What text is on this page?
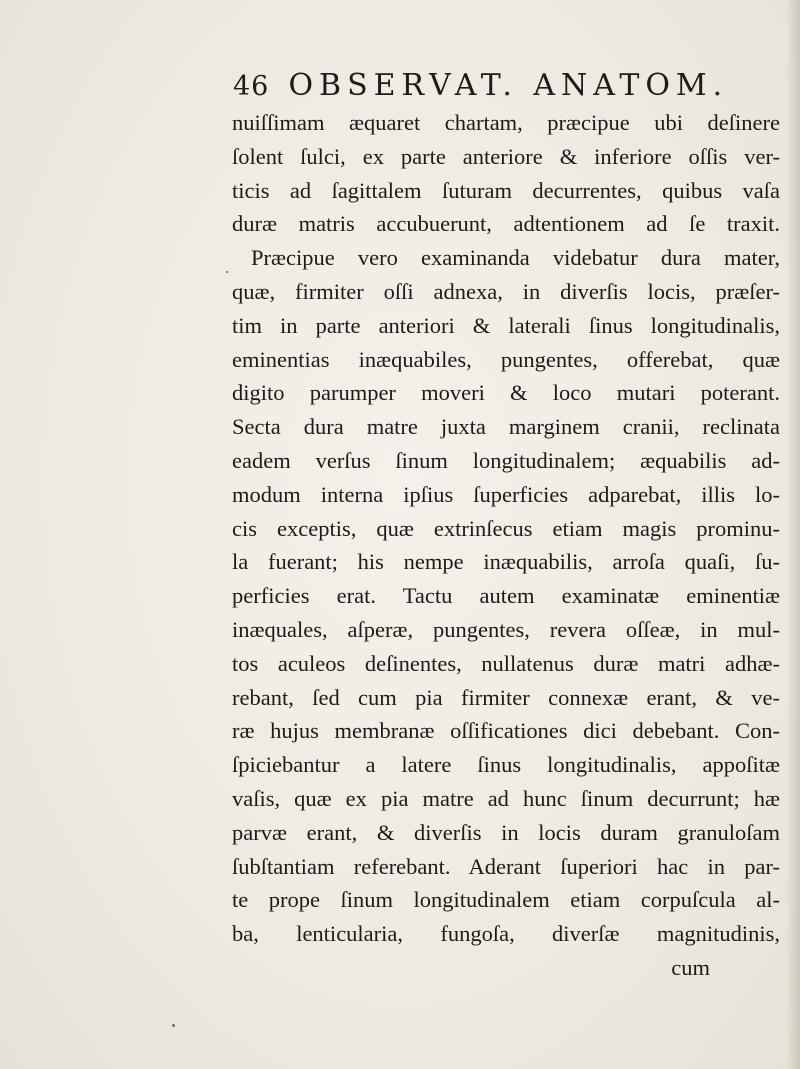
46 OBSERVAT. ANATOM.
nuiſſimam æquaret chartam, præcipue ubi deſinere
ſolent ſulci, ex parte anteriore & inferiore oſſis ver-
ticis ad ſagittalem ſuturam decurrentes, quibus vaſa
duræ matris accubuerunt, adtentionem ad ſe traxit.
Præcipue vero examinanda videbatur dura mater,
quæ, firmiter oſſi adnexa, in diverſis locis, præſer-
tim in parte anteriori & laterali ſinus longitudinalis,
eminentias inæquabiles, pungentes, offerebat, quæ
digito parumper moveri & loco mutari poterant.
Secta dura matre juxta marginem cranii, reclinata
eadem verſus ſinum longitudinalem; æquabilis ad-
modum interna ipſius ſuperficies adparebat, illis lo-
cis exceptis, quæ extrinſecus etiam magis prominu-
la fuerant; his nempe inæquabilis, arroſa quaſi, ſu-
perficies erat. Tactu autem examinatæ eminentiæ
inæquales, aſperæ, pungentes, revera oſſeæ, in mul-
tos aculeos deſinentes, nullatenus duræ matri adhæ-
rebant, ſed cum pia firmiter connexæ erant, & ve-
ræ hujus membranæ oſſificationes dici debebant. Con-
ſpiciebantur a latere ſinus longitudinalis, appoſitæ
vaſis, quæ ex pia matre ad hunc ſinum decurrunt; hæ
parvæ erant, & diverſis in locis duram granuloſam
ſubſtantiam referebant. Aderant ſuperiori hac in par-
te prope ſinum longitudinalem etiam corpuſcula al-
ba, lenticularia, fungoſa, diverſæ magnitudinis,
cum
